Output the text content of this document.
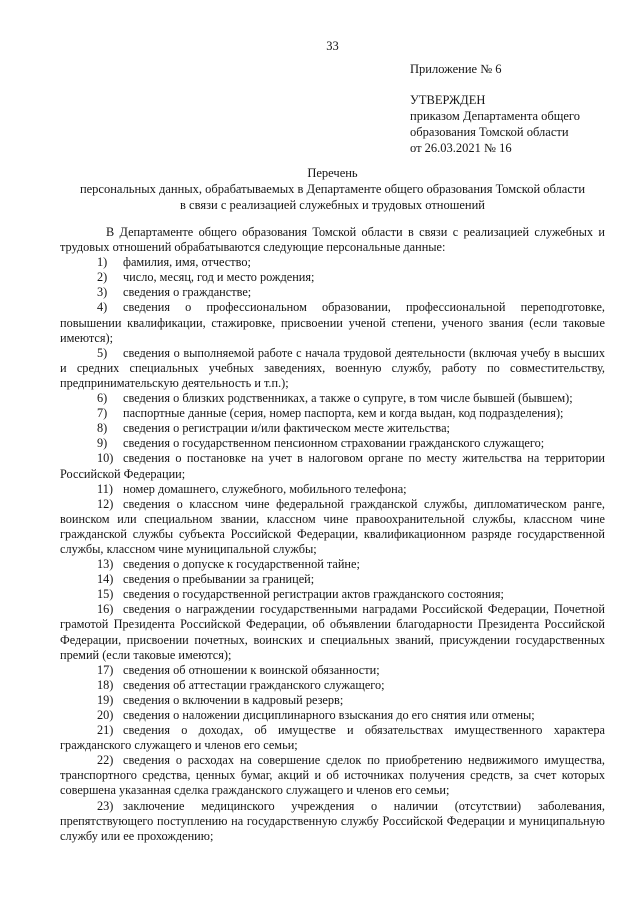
33
Приложение № 6
УТВЕРЖДЕН
приказом Департамента общего
образования Томской области
от 26.03.2021 № 16
Перечень
персональных данных, обрабатываемых в Департаменте общего образования Томской области
в связи с реализацией служебных и трудовых отношений

В Департаменте общего образования Томской области в связи с реализацией служебных и трудовых отношений обрабатываются следующие персональные данные:

1) фамилия, имя, отчество;

2) число, месяц, год и место рождения;

3) сведения о гражданстве;

4) сведения о профессиональном образовании, профессиональной переподготовке, повышении квалификации, стажировке, присвоении ученой степени, ученого звания (если таковые имеются);

5) сведения о выполняемой работе с начала трудовой деятельности (включая учебу в высших и средних специальных учебных заведениях, военную службу, работу по совместительству, предпринимательскую деятельность и т.п.);

6) сведения о близких родственниках, а также о супруге, в том числе бывшей (бывшем);

7) паспортные данные (серия, номер паспорта, кем и когда выдан, код подразделения);

8) сведения о регистрации и/или фактическом месте жительства;

9) сведения о государственном пенсионном страховании гражданского служащего;

10) сведения о постановке на учет в налоговом органе по месту жительства на территории Российской Федерации;

11) номер домашнего, служебного, мобильного телефона;

12) сведения о классном чине федеральной гражданской службы, дипломатическом ранге, воинском или специальном звании, классном чине правоохранительной службы, классном чине гражданской службы субъекта Российской Федерации, квалификационном разряде государственной службы, классном чине муниципальной службы;

13) сведения о допуске к государственной тайне;

14) сведения о пребывании за границей;

15) сведения о государственной регистрации актов гражданского состояния;

16) сведения о награждении государственными наградами Российской Федерации, Почетной грамотой Президента Российской Федерации, об объявлении благодарности Президента Российской Федерации, присвоении почетных, воинских и специальных званий, присуждении государственных премий (если таковые имеются);

17) сведения об отношении к воинской обязанности;

18) сведения об аттестации гражданского служащего;

19) сведения о включении в кадровый резерв;

20) сведения о наложении дисциплинарного взыскания до его снятия или отмены;

21) сведения о доходах, об имуществе и обязательствах имущественного характера гражданского служащего и членов его семьи;

22) сведения о расходах на совершение сделок по приобретению недвижимого имущества, транспортного средства, ценных бумаг, акций и об источниках получения средств, за счет которых совершена указанная сделка гражданского служащего и членов его семьи;

23) заключение медицинского учреждения о наличии (отсутствии) заболевания, препятствующего поступлению на государственную службу Российской Федерации и муниципальную службу или ее прохождению;
